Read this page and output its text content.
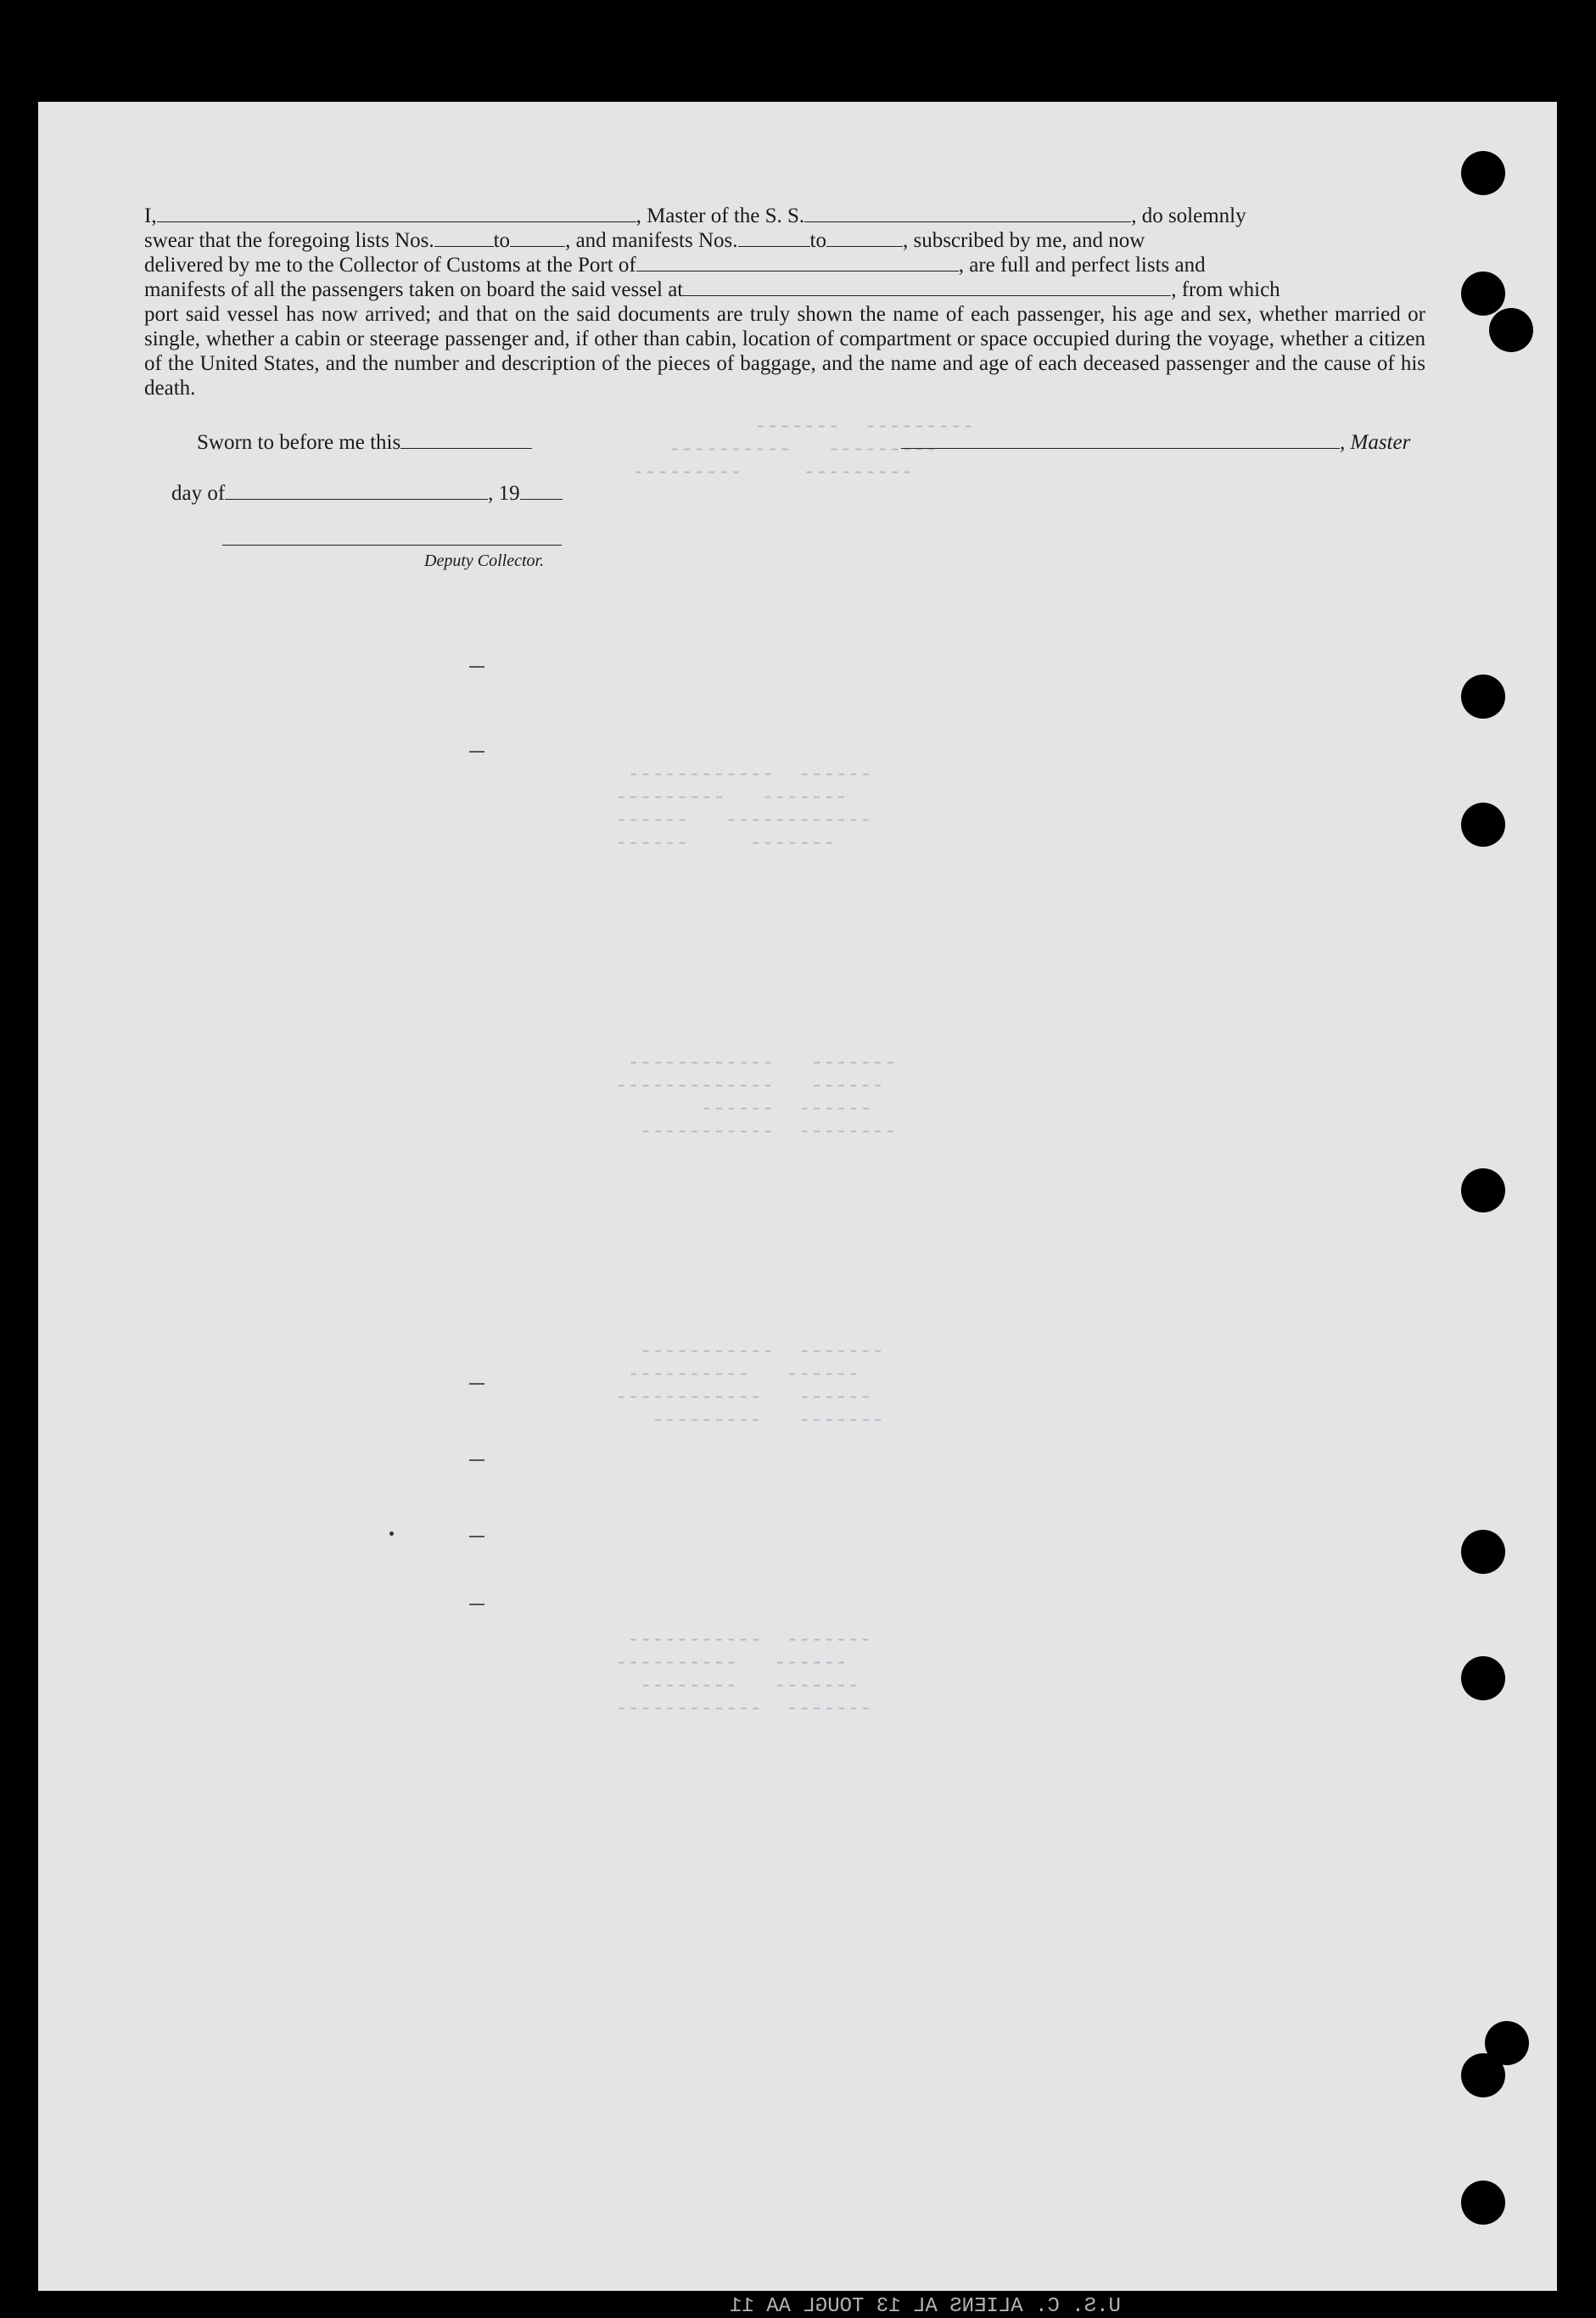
---------  -------
---------   ----------
---------     ---------
------  ------------
-------   ---------
------------   ------
-------     ------
-------   ------------
------   -------------
------  ------
--------  -----------
-------  -----------
------   ----------
------   ------------
-------   ---------
-------  -----------
------   ----------
-------   --------
-------  ------------
U.S. C. ALIENS AL 13 TOUGL AA 11

I,	, Master of the S. S.	, do solemnly

swear that the foregoing lists Nos.	to	, and manifests Nos.	to	, subscribed by me, and now

delivered by me to the Collector of Customs at the Port of	, are full and perfect lists and

manifests of all the passengers taken on board the said vessel at	, from which

port said vessel has now arrived; and that on the said documents are truly shown the name of each passenger, his age and sex, whether married or single, whether a cabin or steerage passenger and, if other than cabin, location of compartment or space occupied during the voyage, whether a citizen of the United States, and the number and description of the pieces of baggage, and the name and age of each deceased passenger and the cause of his death.

Sworn to before me this	, Master
day of	, 19
Deputy Collector.
